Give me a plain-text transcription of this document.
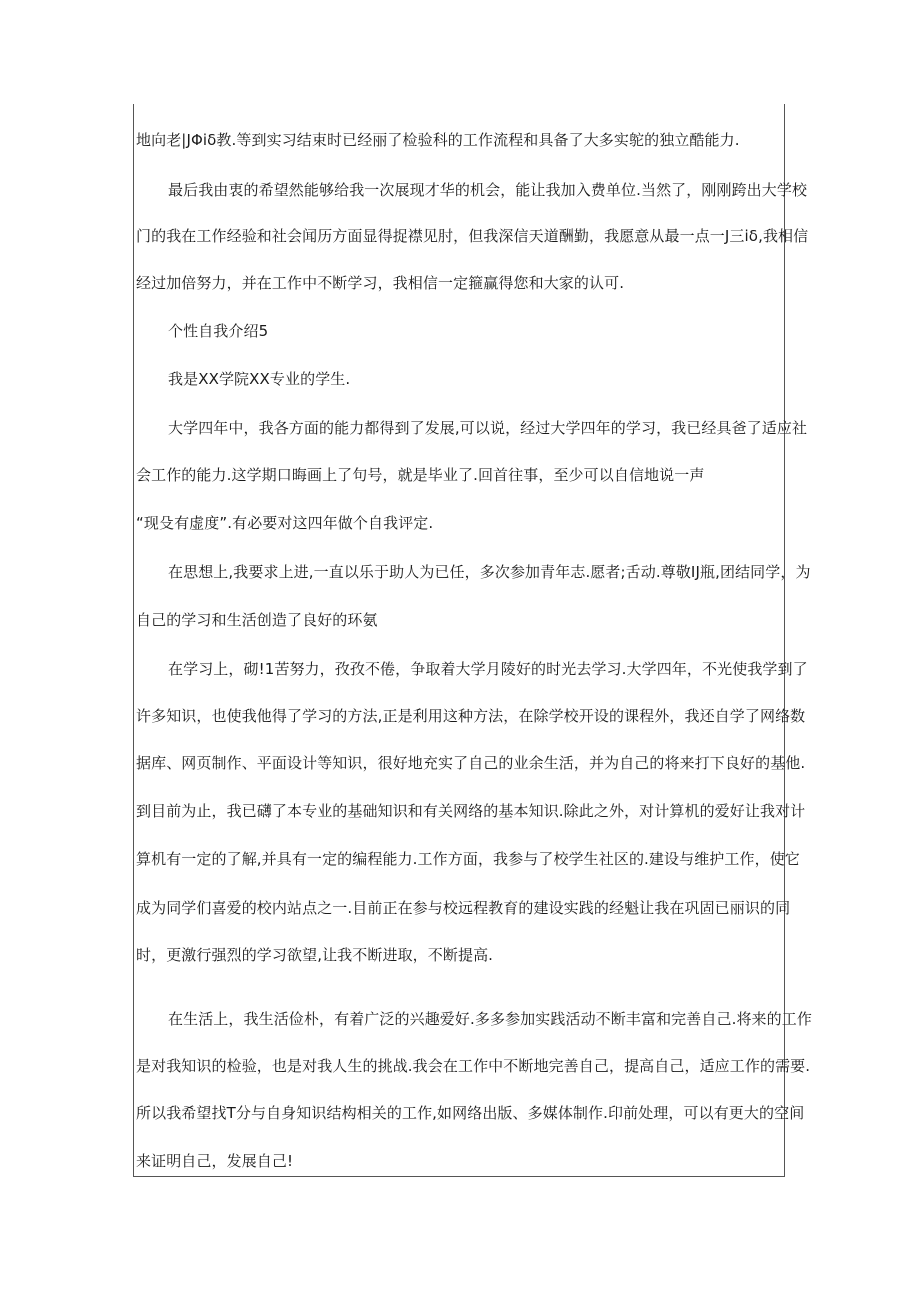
地向老|JΦiδ教.等到实习结束时已经丽了检验科的工作流程和具备了大多实鸵的独立酷能力.
最后我由衷的希望然能够给我一次展现才华的机会，能让我加入费单位.当然了，刚刚跨出大学校
门的我在工作经验和社会闻历方面显得捉襟见肘，但我深信天道酬勤，我愿意从最一点一J三iδ,我相信
经过加倍努力，并在工作中不断学习，我相信一定箍赢得您和大家的认可.
个性自我介绍5
我是XX学院XX专业的学生.
大学四年中，我各方面的能力都得到了发展,可以说，经过大学四年的学习，我已经具爸了适应社
会工作的能力.这学期口晦画上了句号，就是毕业了.回首往事，至少可以自信地说一声
“现殳有虚度”.有必要对这四年做个自我评定.
在思想上,我要求上进,一直以乐于助人为已任，多次参加青年志.愿者;舌动.尊敬IJ瓶,团结同学，为
自己的学习和生活创造了良好的环氨
在学习上，砌!1苦努力，孜孜不倦，争取着大学月陵好的时光去学习.大学四年，不光使我学到了
许多知识，也使我他得了学习的方法,正是利用这种方法，在除学校开设的课程外，我还自学了网络数
据库、网页制作、平面设计等知识，很好地充实了自己的业余生活，并为自己的将来打下良好的基他.
到目前为止，我已礴了本专业的基础知识和有关网络的基本知识.除此之外，对计算机的爱好让我对计
算机有一定的了解,并具有一定的编程能力.工作方面，我参与了校学生社区的.建设与维护工作，使它
成为同学们喜爱的校内站点之一.目前正在参与校远程教育的建设实践的经魁让我在巩固已丽识的同
时，更激行强烈的学习欲望,让我不断进取，不断提高.
在生活上，我生活俭朴，有着广泛的兴趣爱好.多多参加实践活动不断丰富和完善自己.将来的工作
是对我知识的检验，也是对我人生的挑战.我会在工作中不断地完善自己，提高自己，适应工作的需要.
所以我希望找T分与自身知识结构相关的工作,如网络出版、多媒体制作.印前处理，可以有更大的空间
来证明自己，发展自己!
